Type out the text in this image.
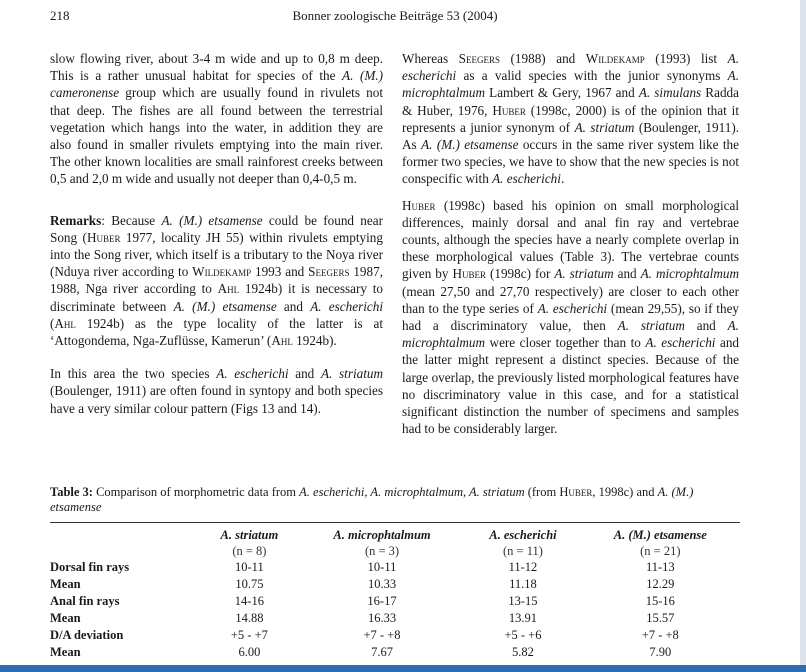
218	Bonner zoologische Beiträge 53 (2004)

slow flowing river, about 3-4 m wide and up to 0,8 m deep. This is a rather unusual habitat for species of the A. (M.) cameronense group which are usually found in rivulets not that deep. The fishes are all found between the terrestrial vegetation which hangs into the water, in addition they are also found in smaller rivulets emptying into the main river. The other known localities are small rainforest creeks between 0,5 and 2,0 m wide and usually not deeper than 0,4-0,5 m.

Remarks: Because A. (M.) etsamense could be found near Song (Huber 1977, locality JH 55) within rivulets emptying into the Song river, which itself is a tributary to the Noya river (Nduya river according to Wildekamp 1993 and Seegers 1987, 1988, Nga river according to Ahl 1924b) it is necessary to discriminate between A. (M.) etsamense and A. escherichi (Ahl 1924b) as the type locality of the latter is at ‘Attogondema, Nga-Zuflüsse, Kamerun’ (Ahl 1924b).

In this area the two species A. escherichi and A. striatum (Boulenger, 1911) are often found in syntopy and both species have a very similar colour pattern (Figs 13 and 14).

Whereas Seegers (1988) and Wildekamp (1993) list A. escherichi as a valid species with the junior synonyms A. microphtalmum Lambert & Gery, 1967 and A. simulans Radda & Huber, 1976, Huber (1998c, 2000) is of the opinion that it represents a junior synonym of A. striatum (Boulenger, 1911). As A. (M.) etsamense occurs in the same river system like the former two species, we have to show that the new species is not conspecific with A. escherichi.

Huber (1998c) based his opinion on small morphological differences, mainly dorsal and anal fin ray and vertebrae counts, although the species have a nearly complete overlap in these morphological values (Table 3). The vertebrae counts given by Huber (1998c) for A. striatum and A. microphtalmum (mean 27,50 and 27,70 respectively) are closer to each other than to the type series of A. escherichi (mean 29,55), so if they had a discriminatory value, then A. striatum and A. microphtalmum were closer together than to A. escherichi and the latter might represent a distinct species. Because of the large overlap, the previously listed morphological features have no discriminatory value in this case, and for a statistical significant distinction the number of specimens and samples had to be considerably larger.

Table 3: Comparison of morphometric data from A. escherichi, A. microphtalmum, A. striatum (from Huber, 1998c) and A. (M.) etsamense
	A. striatum	A. microphtalmum	A. escherichi	A. (M.) etsamense
	(n = 8)	(n = 3)	(n = 11)	(n = 21)
Dorsal fin rays	10-11	10-11	11-12	11-13
Mean	10.75	10.33	11.18	12.29
Anal fin rays	14-16	16-17	13-15	15-16
Mean	14.88	16.33	13.91	15.57
D/A deviation	+5 - +7	+7 - +8	+5 - +6	+7 - +8
Mean	6.00	7.67	5.82	7.90
